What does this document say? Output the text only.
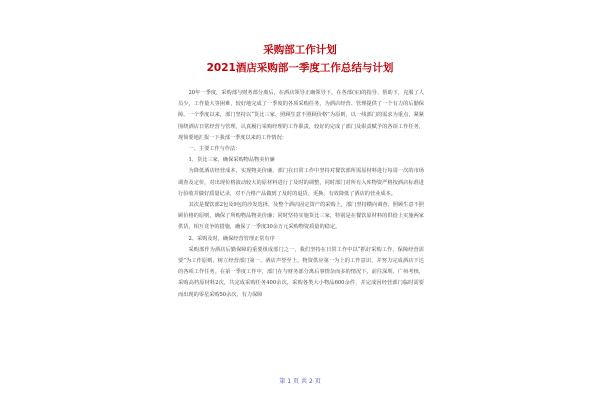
采购部工作计划
2021酒店采购部一季度工作总结与计划

20年一季度，采购部与财务部分离后，在酒店领导正确领导下，在各部(室)的指导、帮助下，克服了人员少，工作量大等困难，较好地完成了一季度的各项采购任务，为酒店经营、管理提供了一个有力的后勤保障。一个季度以来，部门坚持以“货比三家、照顾生意不照顾价格”为原则，以一线部门的需求为重点，紧紧围绕酒店日常经营与管理，认真履行采购经理的工作职责，较好的完成了部门及职责赋予的各项工作任务，现简要地汇报一下我部一季度以来的工作情况：

一、主要工作与作法：

1、货比三家，确保采购物品物美价廉

为降低酒店经营成本，实现物美价廉，部门在日常工作中坚持对餐饮部所需原材料进行每周一次的市场调查及定价，对出现价格波动较大的原材料进行了及时的调整，同时部门对所有入库物资严格按酒店标准进行验收并做好质量记录，对不合格产品做到了及时的退货、更换，有效降低了酒店的营业成本。

其次是餐饮部2包及9包的沙发选择，及整个酒店固定资产的采购上，部门坚持横向调查，照顾生意不照顾价格的原则，确保了所购物品物美价廉；同时坚持实施货比三家，特别是在餐饮原材料的供给上实施两家供货，相互竞争的措施，确保了一季度30余万元采购物资质量的稳定。

2、采购及时，确保经营管理正常有序

采购部作为酒店后勤保障的重要组成部门之一，我们坚持在日常工作中以“抓好采购工作，保障经营需要”为工作原则，树立经营部门第一、酒店声誉至上，物资供应第一为上的工作意识，并努力完成酒店下达的各项工作任务。在第一季度工作中，部门在与财务部分离后事情杂而多的情况下，前往深圳、广州考核，采购高档原材料2次，共完成采购任务400余次，采购各类大小物品600余件，并完成因经营部门临时需要而出现的零星采购50余次、有力保障

第 1 页 共 2 页
